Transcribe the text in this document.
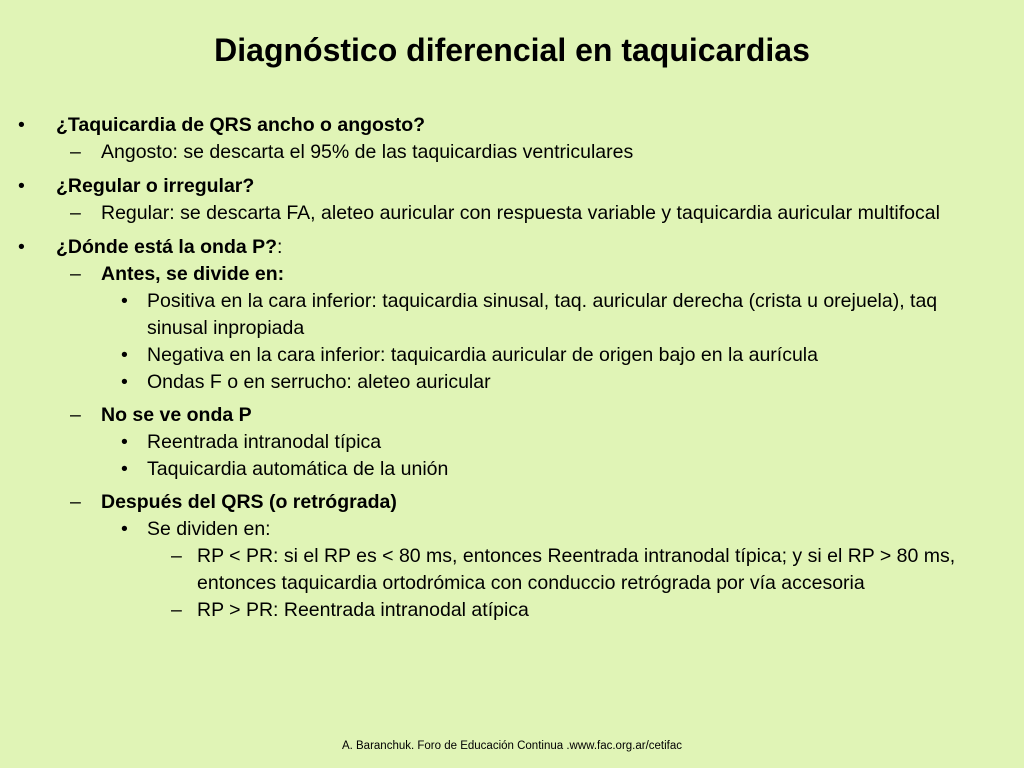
Diagnóstico diferencial en taquicardias
• ¿Taquicardia de QRS ancho o angosto?
– Angosto: se descarta el 95% de las taquicardias ventriculares
• ¿Regular o irregular?
– Regular: se descarta FA, aleteo auricular con respuesta variable y taquicardia auricular multifocal
• ¿Dónde está la onda P?:
– Antes, se divide en:
• Positiva en la cara inferior: taquicardia sinusal, taq. auricular derecha (crista u orejuela), taq sinusal inpropiada
• Negativa en la cara inferior: taquicardia auricular de origen bajo en la aurícula
• Ondas F o en serrucho: aleteo auricular
– No se ve onda P
• Reentrada intranodal típica
• Taquicardia automática de la unión
– Después del QRS (o retrógrada)
• Se dividen en:
– RP < PR: si el RP es < 80 ms, entonces Reentrada intranodal típica; y si el RP > 80 ms, entonces taquicardia ortodrómica con conduccio retrógrada por vía accesoria
– RP > PR: Reentrada intranodal atípica
A. Baranchuk. Foro de Educación Continua .www.fac.org.ar/cetifac
